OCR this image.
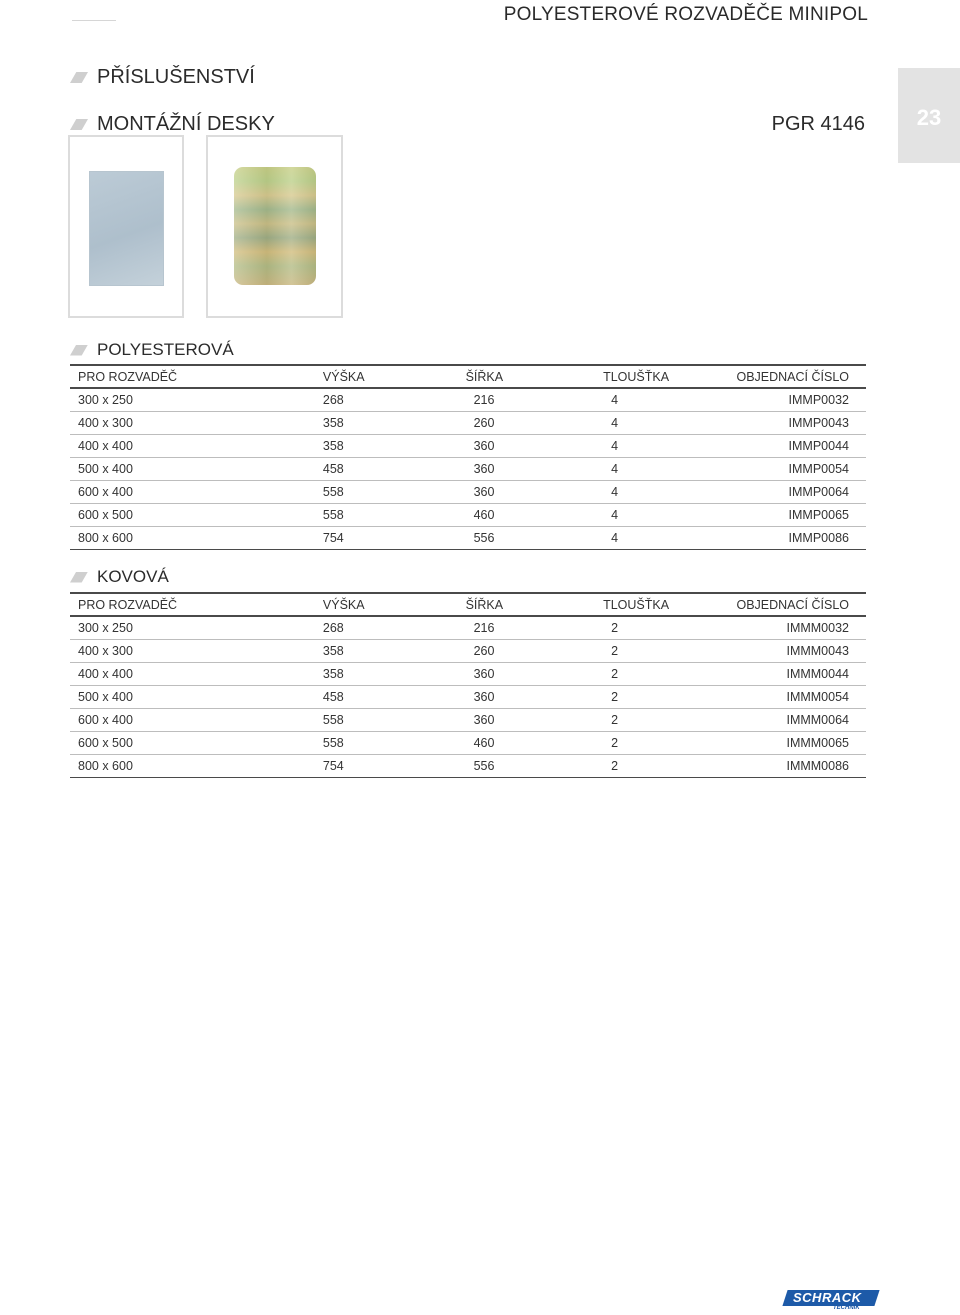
POLYESTEROVÉ ROZVADĚČE MINIPOL
23
PŘÍSLUŠENSTVÍ
MONTÁŽNÍ DESKY	PGR 4146
POLYESTEROVÁ
PRO ROZVADĚČ	VÝŠKA	ŠÍŘKA	TLOUŠŤKA	OBJEDNACÍ ČÍSLO
300 x 250	268	216	4	IMMP0032
400 x 300	358	260	4	IMMP0043
400 x 400	358	360	4	IMMP0044
500 x 400	458	360	4	IMMP0054
600 x 400	558	360	4	IMMP0064
600 x 500	558	460	4	IMMP0065
800 x 600	754	556	4	IMMP0086
KOVOVÁ
PRO ROZVADĚČ	VÝŠKA	ŠÍŘKA	TLOUŠŤKA	OBJEDNACÍ ČÍSLO
300 x 250	268	216	2	IMMM0032
400 x 300	358	260	2	IMMM0043
400 x 400	358	360	2	IMMM0044
500 x 400	458	360	2	IMMM0054
600 x 400	558	360	2	IMMM0064
600 x 500	558	460	2	IMMM0065
800 x 600	754	556	2	IMMM0086
SCHRACK
TECHNIK
